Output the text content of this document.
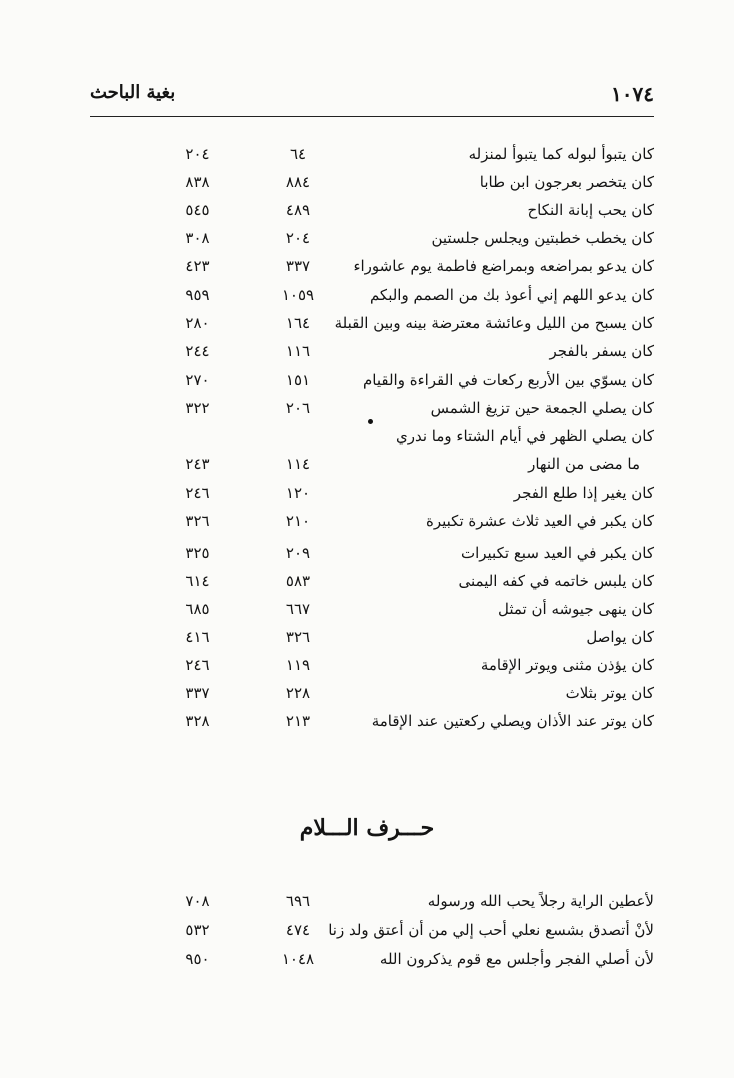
١٠٧٤
بغية الباحث
كان يتبوأ لبوله كما يتبوأ لمنزله
٦٤
٢٠٤
كان يتخصر بعرجون ابن طابا
٨٨٤
٨٣٨
كان يحب إبانة النكاح
٤٨٩
٥٤٥
كان يخطب خطبتين ويجلس جلستين
٢٠٤
٣٠٨
كان يدعو بمراضعه وبمراضع فاطمة يوم عاشوراء
٣٣٧
٤٢٣
كان يدعو اللهم إني أعوذ بك من الصمم والبكم
١٠٥٩
٩٥٩
كان يسبح من الليل وعائشة معترضة بينه وبين القبلة
١٦٤
٢٨٠
كان يسفر بالفجر
١١٦
٢٤٤
كان يسوّي بين الأربع ركعات في القراءة والقيام
١٥١
٢٧٠
كان يصلي الجمعة حين تزيغ الشمس
٢٠٦
٣٢٢
كان يصلي الظهر في أيام الشتاء وما ندري
ما مضى من النهار
١١٤
٢٤٣
كان يغير إذا طلع الفجر
١٢٠
٢٤٦
كان يكبر في العيد ثلاث عشرة تكبيرة
٢١٠
٣٢٦
كان يكبر في العيد سبع تكبيرات
٢٠٩
٣٢٥
كان يلبس خاتمه في كفه اليمنى
٥٨٣
٦١٤
كان ينهى جيوشه أن تمثل
٦٦٧
٦٨٥
كان يواصل
٣٢٦
٤١٦
كان يؤذن مثنى ويوتر الإقامة
١١٩
٢٤٦
كان يوتر بثلاث
٢٢٨
٣٣٧
كان يوتر عند الأذان ويصلي ركعتين عند الإقامة
٢١٣
٣٢٨
حـــرف الـــلام
لأعطين الراية رجلاً يحب الله ورسوله
٦٩٦
٧٠٨
لأنْ أتصدق بشسع نعلي أحب إلي من أن أعتق ولد زنا
٤٧٤
٥٣٢
لأن أصلي الفجر وأجلس مع قوم يذكرون الله
١٠٤٨
٩٥٠
